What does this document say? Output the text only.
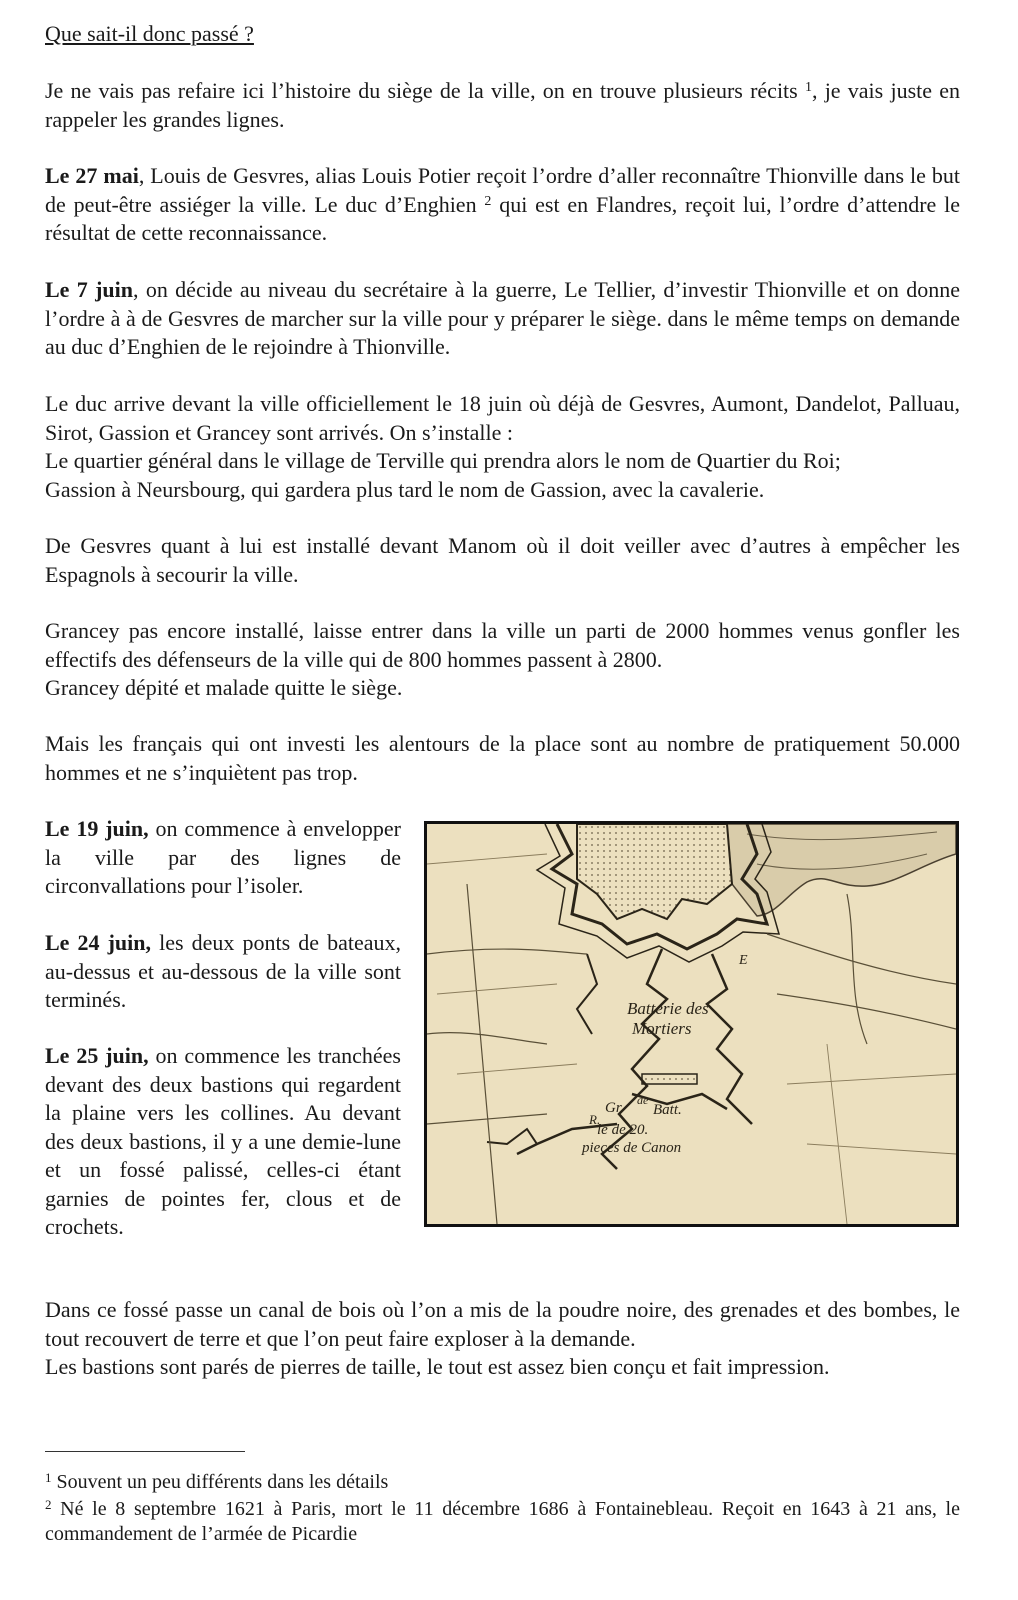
Que sait-il donc passé ?

Je ne vais pas refaire ici l’histoire du siège de la ville, on en trouve plusieurs récits $^1$, je vais juste en rappeler les grandes lignes.

Le 27 mai, Louis de Gesvres, alias Louis Potier reçoit l’ordre d’aller reconnaître Thionville dans le but de peut-être assiéger la ville. Le duc d’Enghien $^2$ qui est en Flandres, reçoit lui, l’ordre d’attendre le résultat de cette reconnaissance.

Le 7 juin, on décide au niveau du secrétaire à la guerre, Le Tellier, d’investir Thionville et on donne l’ordre à à de Gesvres de marcher sur la ville pour y préparer le siège. dans le même temps on demande au duc d’Enghien de le rejoindre à Thionville.

Le duc arrive devant la ville officiellement le 18 juin où déjà de Gesvres, Aumont, Dandelot, Palluau, Sirot, Gassion et Grancey sont arrivés. On s’installe :

Le quartier général dans le village de Terville qui prendra alors le nom de Quartier du Roi;

Gassion à Neursbourg, qui gardera plus tard le nom de Gassion, avec la cavalerie.

De Gesvres quant à lui est installé devant Manom où il doit veiller avec d’autres à empêcher les Espagnols à secourir la ville.

Grancey pas encore installé, laisse entrer dans la ville un parti de 2000 hommes venus gonfler les effectifs des défenseurs de la ville qui de 800 hommes passent à 2800.

Grancey dépité et malade quitte le siège.

Mais les français qui ont investi les alentours de la place sont au nombre de pratiquement 50.000 hommes et ne s’inquiètent pas trop.

Le 19 juin, on commence à envelopper la ville par des lignes de circonvallations pour l’isoler.

Le 24 juin, les deux ponts de bateaux, au-dessus et au-dessous de la ville sont terminés.

Le 25 juin, on commence les tranchées devant des deux bastions qui regardent la plaine vers les collines. Au devant des deux bastions, il y a une demie-lune et un fossé palissé, celles-ci étant garnies de pointes fer, clous et de crochets.

Batterie des
Mortiers
Gr. de
Batt.
R.
le de 20.
pieces de Canon
E

Dans ce fossé passe un canal de bois où l’on a mis de la poudre noire, des grenades et des bombes, le tout recouvert de terre et que l’on peut faire exploser à la demande.

Les bastions sont parés de pierres de taille, le tout est assez bien conçu et fait impression.

$^1$ Souvent un peu différents dans les détails

$^2$ Né le 8 septembre 1621 à Paris, mort le 11 décembre 1686 à Fontainebleau. Reçoit en 1643 à 21 ans, le commandement de l’armée de Picardie
